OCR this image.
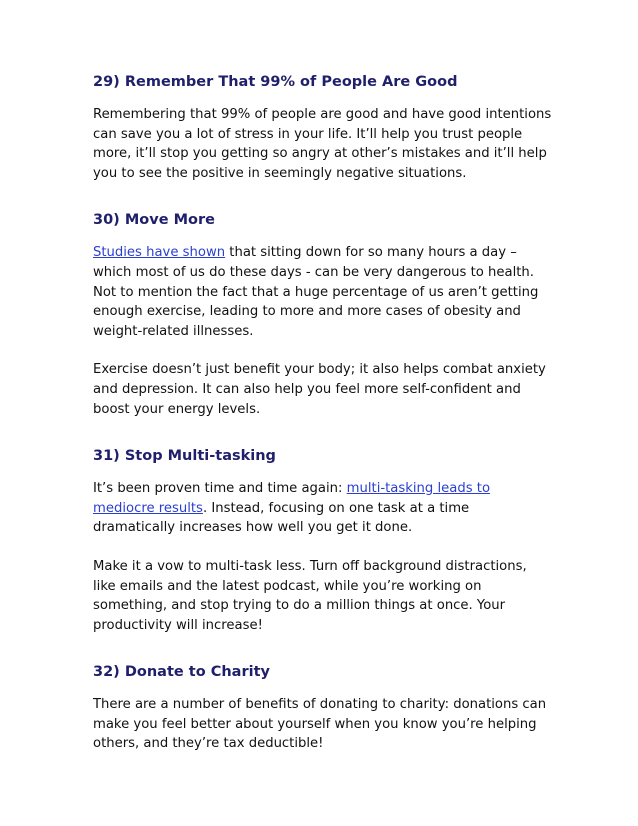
29) Remember That 99% of People Are Good

Remembering that 99% of people are good and have good intentions can save you a lot of stress in your life. It’ll help you trust people more, it’ll stop you getting so angry at other’s mistakes and it’ll help you to see the positive in seemingly negative situations.

30) Move More

Studies have shown that sitting down for so many hours a day – which most of us do these days - can be very dangerous to health. Not to mention the fact that a huge percentage of us aren’t getting enough exercise, leading to more and more cases of obesity and weight-related illnesses.

Exercise doesn’t just benefit your body; it also helps combat anxiety and depression. It can also help you feel more self-confident and boost your energy levels.

31) Stop Multi-tasking

It’s been proven time and time again: multi-tasking leads to mediocre results. Instead, focusing on one task at a time dramatically increases how well you get it done.

Make it a vow to multi-task less. Turn off background distractions, like emails and the latest podcast, while you’re working on something, and stop trying to do a million things at once. Your productivity will increase!

32) Donate to Charity

There are a number of benefits of donating to charity: donations can make you feel better about yourself when you know you’re helping others, and they’re tax deductible!
